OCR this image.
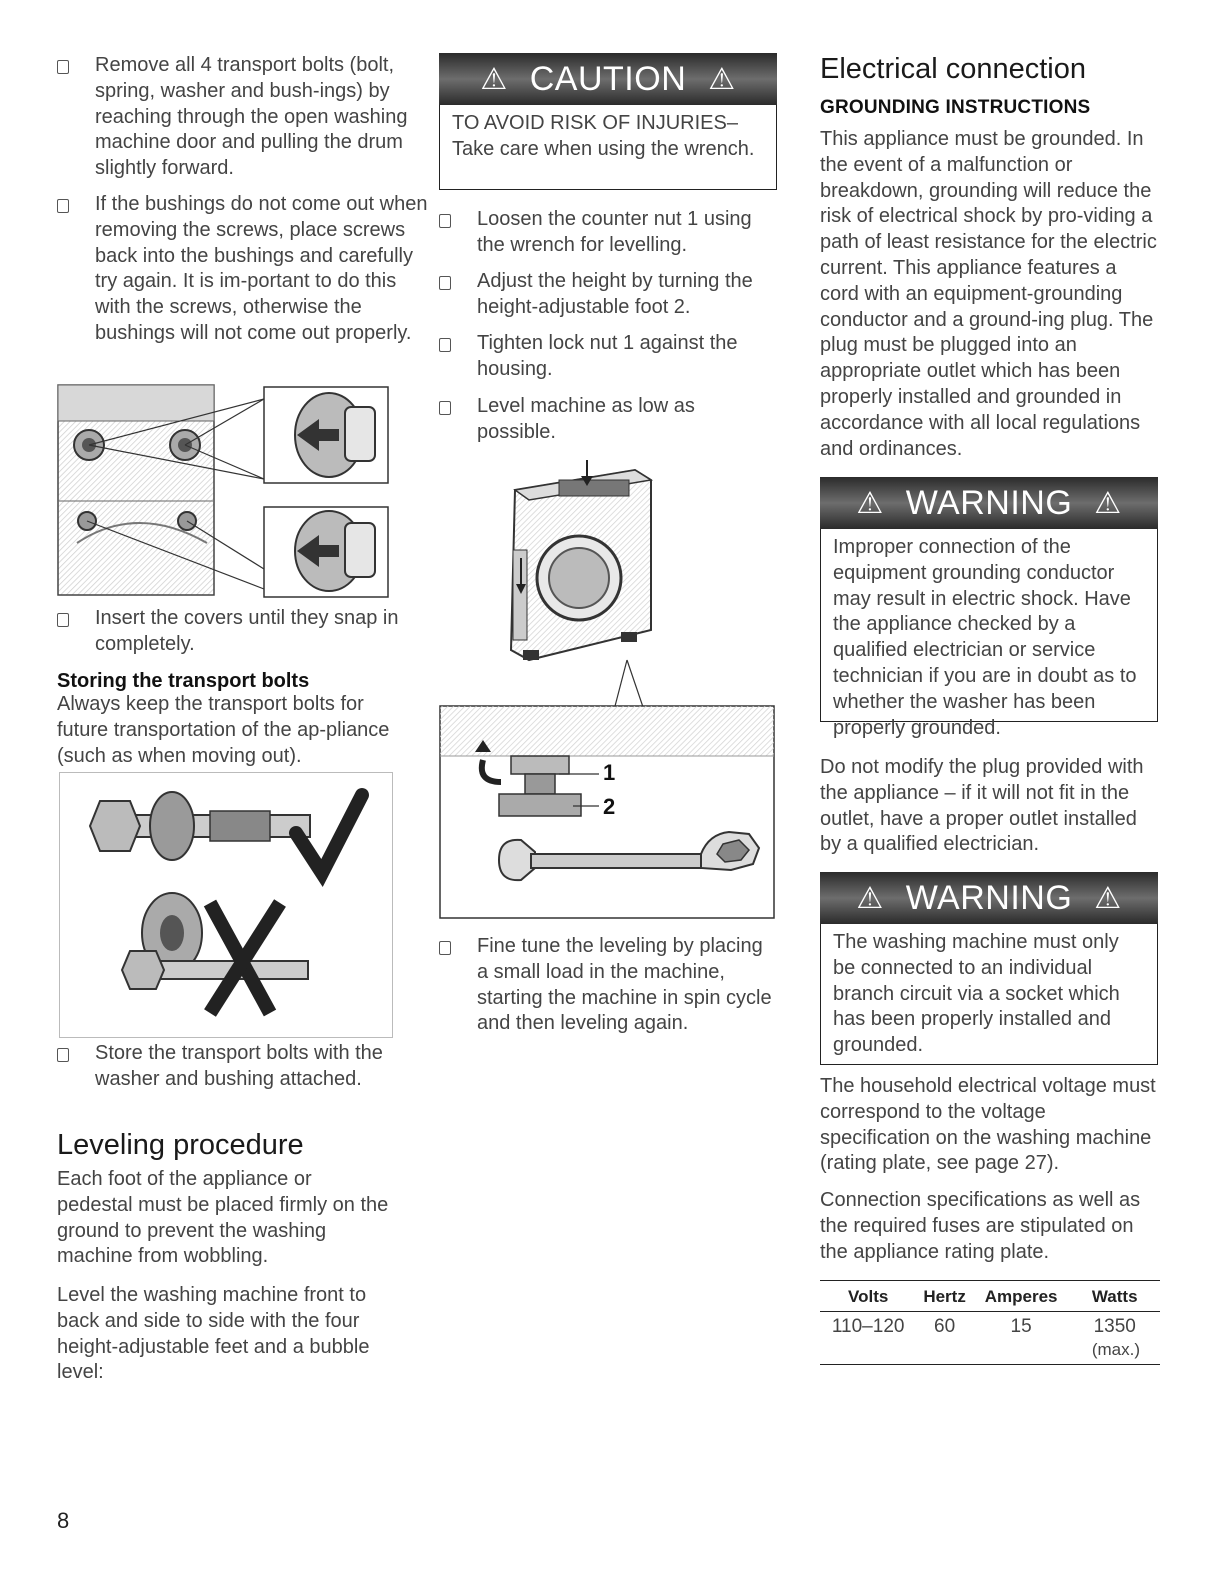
Remove all 4 transport bolts (bolt, spring, washer and bush-ings) by reaching through the open washing machine door and pulling the drum slightly forward.
If the bushings do not come out when removing the screws, place screws back into the bushings and carefully try again. It is im-portant to do this with the screws, otherwise the bushings will not come out properly.
Insert the covers until they snap in completely.
Storing the transport bolts

Always keep the transport bolts for future transportation of the ap-pliance (such as when moving out).

Store the transport bolts with the washer and bushing attached.
Leveling procedure

Each foot of the appliance or pedestal must be placed firmly on the ground to prevent the washing machine from wobbling.

Level the washing machine front to back and side to side with the four height-adjustable feet and a bubble level:

8
⚠ CAUTION ⚠
TO AVOID RISK OF INJURIES– Take care when using the wrench.
Loosen the counter nut 1 using the wrench for levelling.
Adjust the height by turning the height-adjustable foot 2.
Tighten lock nut 1 against the housing.
Level machine as low as possible.
1
2
Fine tune the leveling by placing a small load in the machine, starting the machine in spin cycle and then leveling again.
Electrical connection
GROUNDING INSTRUCTIONS

This appliance must be grounded. In the event of a malfunction or breakdown, grounding will reduce the risk of electrical shock by pro-viding a path of least resistance for the electric current. This appliance features a cord with an equipment-grounding conductor and a ground-ing plug. The plug must be plugged into an appropriate outlet which has been properly installed and grounded in accordance with all local regulations and ordinances.

⚠ WARNING ⚠
Improper connection of the equipment grounding conductor may result in electric shock. Have the appliance checked by a qualified electrician or service technician if you are in doubt as to whether the washer has been properly grounded.

Do not modify the plug provided with the appliance – if it will not fit in the outlet, have a proper outlet installed by a qualified electrician.

⚠ WARNING ⚠
The washing machine must only be connected to an individual branch circuit via a socket which has been properly installed and grounded.

The household electrical voltage must correspond to the voltage specification on the washing machine (rating plate, see page 27).

Connection specifications as well as the required fuses are stipulated on the appliance rating plate.

Volts	Hertz	Amperes	Watts
110–120	60	15	1350
			(max.)
